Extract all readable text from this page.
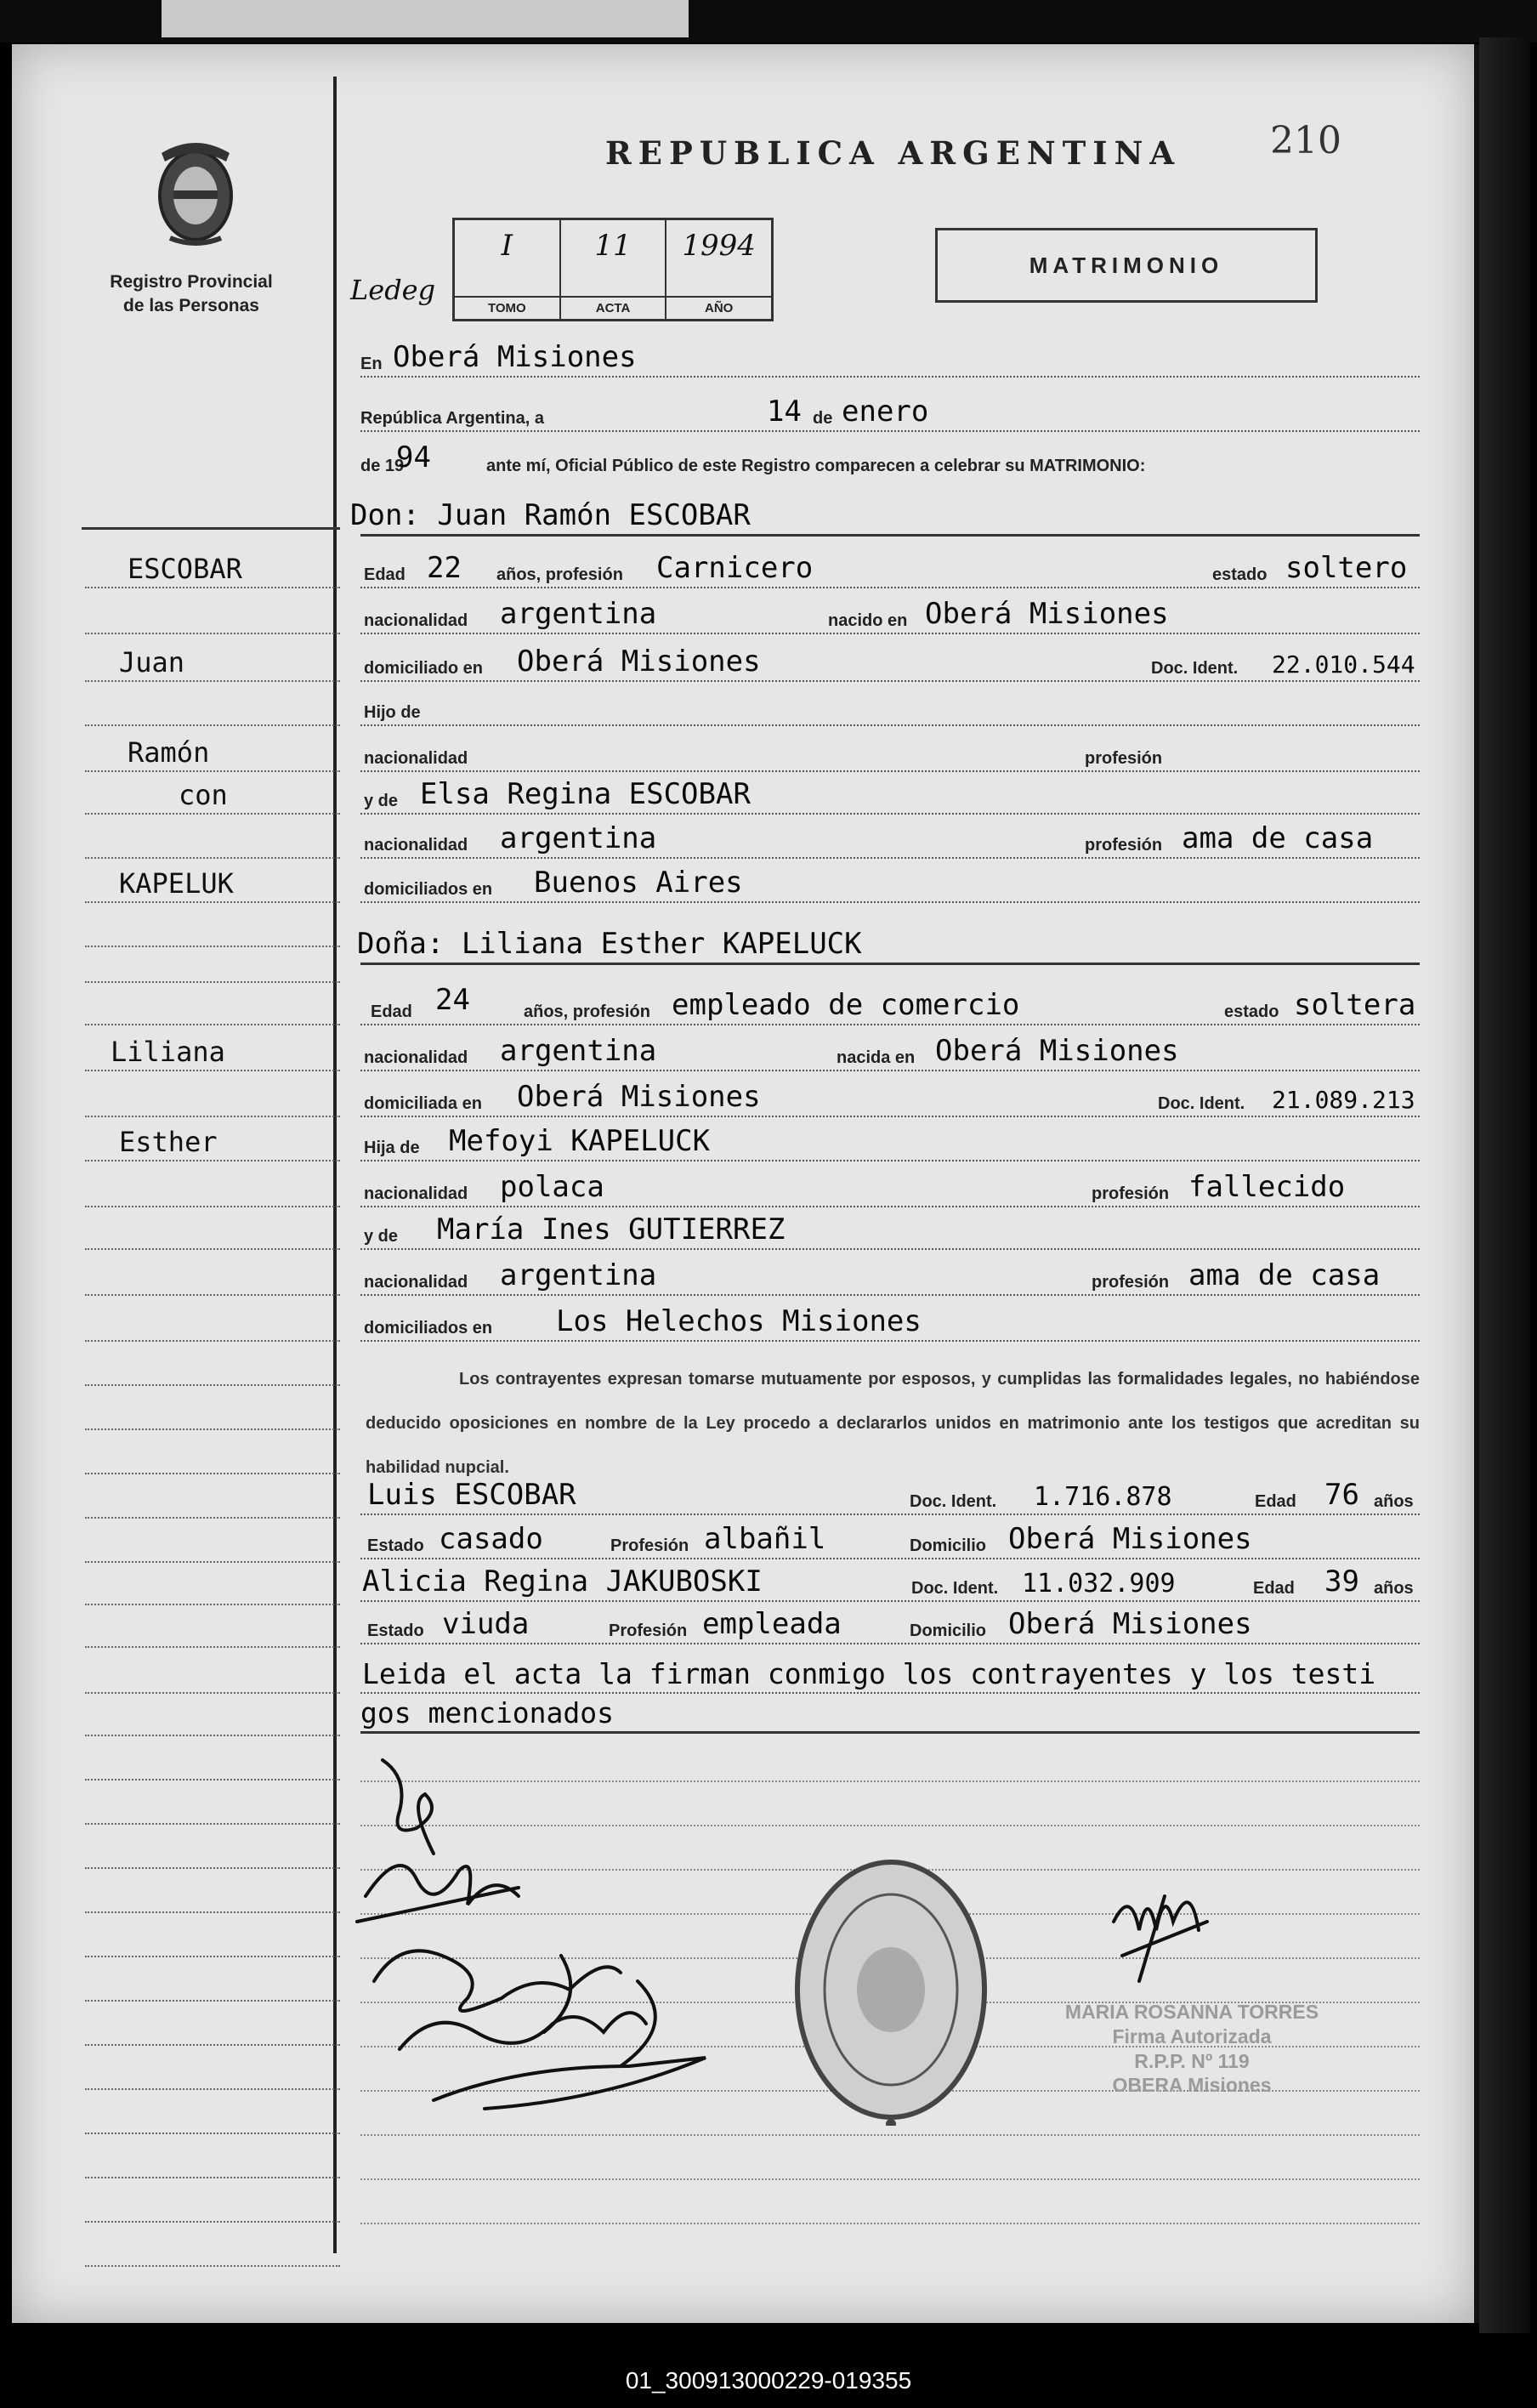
Registro Provincial
de las Personas
REPUBLICA ARGENTINA 210
MATRIMONIO
Ledeg
I
TOMO
11
ACTA
1994
AÑO
En Oberá Misiones
República Argentina, a	14 de enero
de 19
94	ante mí, Oficial Público de este Registro comparecen a celebrar su MATRIMONIO:
Don: Juan Ramón ESCOBAR
Edad 22 años, profesión Carnicero	estado soltero
nacionalidad argentina	nacido en Oberá Misiones
domiciliado en Oberá Misiones	Doc. Ident. 22.010.544
Hijo de
nacionalidad	profesión
y de Elsa Regina ESCOBAR
nacionalidad argentina	profesión ama de casa
domiciliados en Buenos Aires
Doña: Liliana Esther KAPELUCK
Edad 24	años, profesión empleado de comercio	estado soltera
nacionalidad argentina	nacida en Oberá Misiones
domiciliada en Oberá Misiones	Doc. Ident. 21.089.213
Hija de Mefoyi KAPELUCK
nacionalidad polaca	profesión fallecido
y de María Ines GUTIERREZ
nacionalidad argentina	profesión ama de casa
domiciliados en Los Helechos Misiones
Los contrayentes expresan tomarse mutuamente por esposos, y cumplidas las formalidades legales, no habiéndose deducido oposiciones en nombre de la Ley procedo a declararlos unidos en matrimonio ante los testigos que acreditan su habilidad nupcial.
Luis ESCOBAR	Doc. Ident. 1.716.878	Edad 76 años
Estado casado	Profesión albañil	Domicilio Oberá Misiones
Alicia Regina JAKUBOSKI	Doc. Ident. 11.032.909	Edad 39 años
Estado viuda	Profesión empleada	Domicilio Oberá Misiones
Leida el acta la firman conmigo los contrayentes y los testi
gos mencionados
MARIA ROSANNA TORRES
Firma Autorizada
R.P.P. Nº 119
OBERA Misiones
ESCOBAR
Juan
Ramón
con
KAPELUK
Liliana
Esther
01_300913000229-019355
